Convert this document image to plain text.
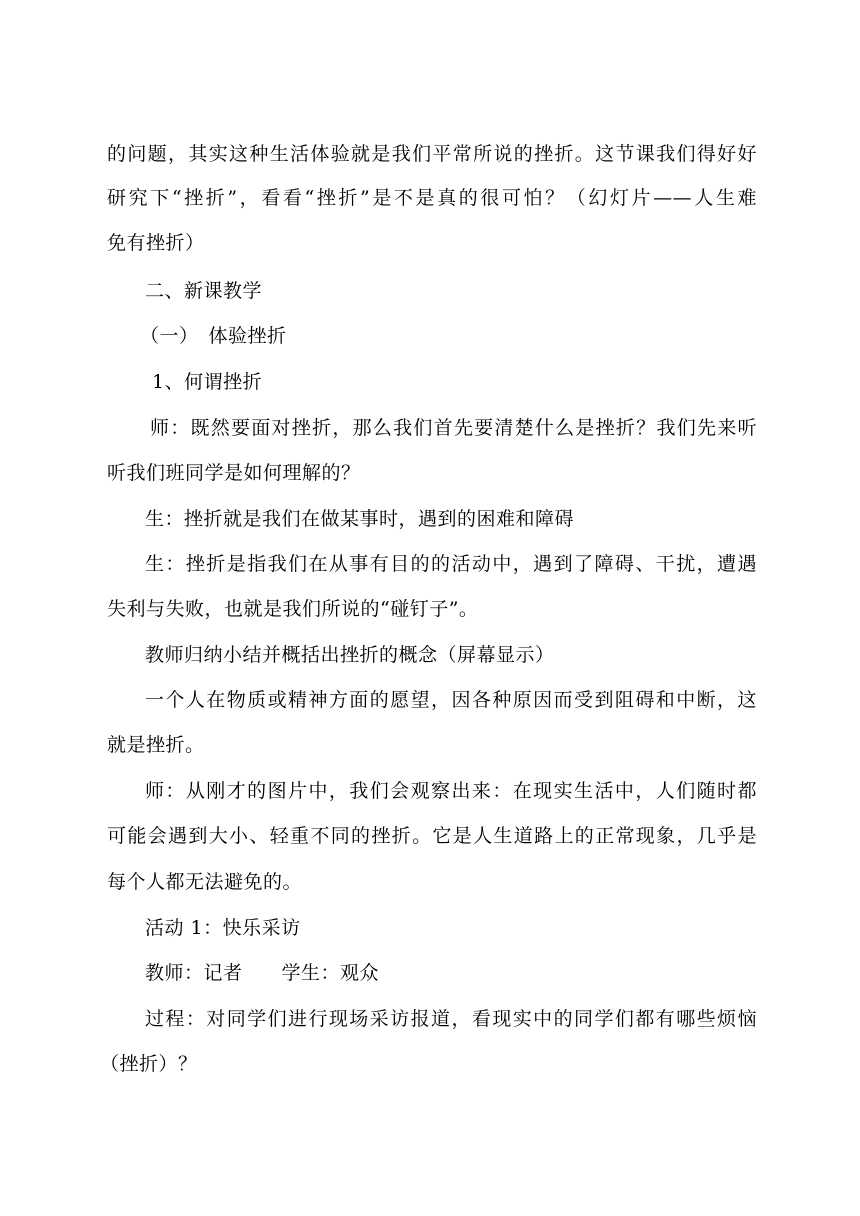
的问题，其实这种生活体验就是我们平常所说的挫折。这节课我们得好好
研究下“挫折”，看看“挫折”是不是真的很可怕？（幻灯片——人生难
免有挫折）
二、新课教学
（一）　体验挫折
1、何谓挫折
师：既然要面对挫折，那么我们首先要清楚什么是挫折？我们先来听
听我们班同学是如何理解的？
生：挫折就是我们在做某事时，遇到的困难和障碍
生：挫折是指我们在从事有目的的活动中，遇到了障碍、干扰，遭遇
失利与失败，也就是我们所说的“碰钉子”。
教师归纳小结并概括出挫折的概念（屏幕显示）
一个人在物质或精神方面的愿望，因各种原因而受到阻碍和中断，这
就是挫折。
师：从刚才的图片中，我们会观察出来：在现实生活中，人们随时都
可能会遇到大小、轻重不同的挫折。它是人生道路上的正常现象，几乎是
每个人都无法避免的。
活动 1：快乐采访
教师：记者　　学生：观众
过程：对同学们进行现场采访报道，看现实中的同学们都有哪些烦恼
（挫折）？
